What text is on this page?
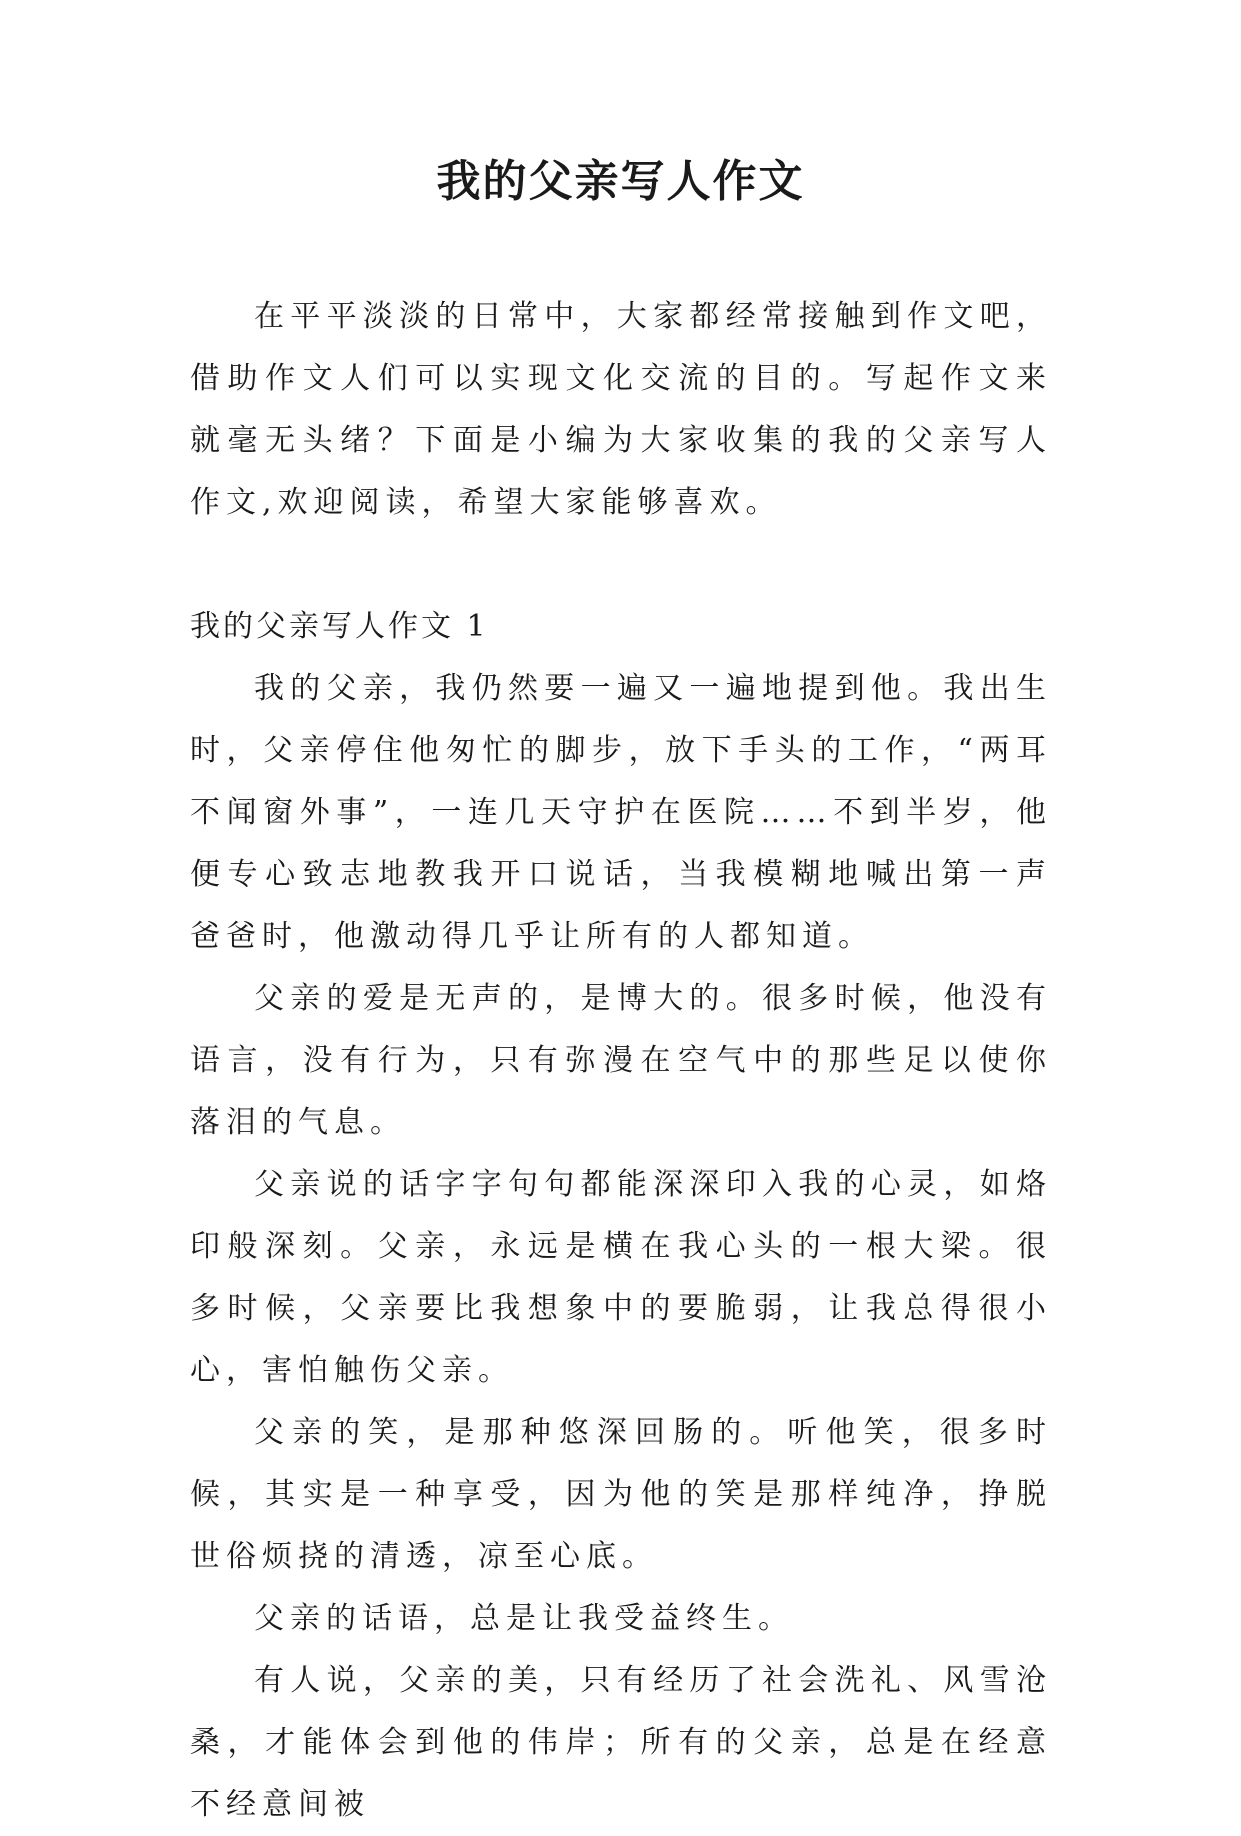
我的父亲写人作文

在平平淡淡的日常中，大家都经常接触到作文吧，借助作文人们可以实现文化交流的目的。写起作文来就毫无头绪？下面是小编为大家收集的我的父亲写人作文,欢迎阅读，希望大家能够喜欢。

我的父亲写人作文 1

我的父亲，我仍然要一遍又一遍地提到他。我出生时，父亲停住他匆忙的脚步，放下手头的工作，“两耳不闻窗外事”，一连几天守护在医院……不到半岁，他便专心致志地教我开口说话，当我模糊地喊出第一声爸爸时，他激动得几乎让所有的人都知道。

父亲的爱是无声的，是博大的。很多时候，他没有语言，没有行为，只有弥漫在空气中的那些足以使你落泪的气息。

父亲说的话字字句句都能深深印入我的心灵，如烙印般深刻。父亲，永远是横在我心头的一根大梁。很多时候，父亲要比我想象中的要脆弱，让我总得很小心，害怕触伤父亲。

父亲的笑，是那种悠深回肠的。听他笑，很多时候，其实是一种享受，因为他的笑是那样纯净，挣脱世俗烦挠的清透，凉至心底。

父亲的话语，总是让我受益终生。

有人说，父亲的美，只有经历了社会洗礼、风雪沧桑，才能体会到他的伟岸；所有的父亲，总是在经意不经意间被
